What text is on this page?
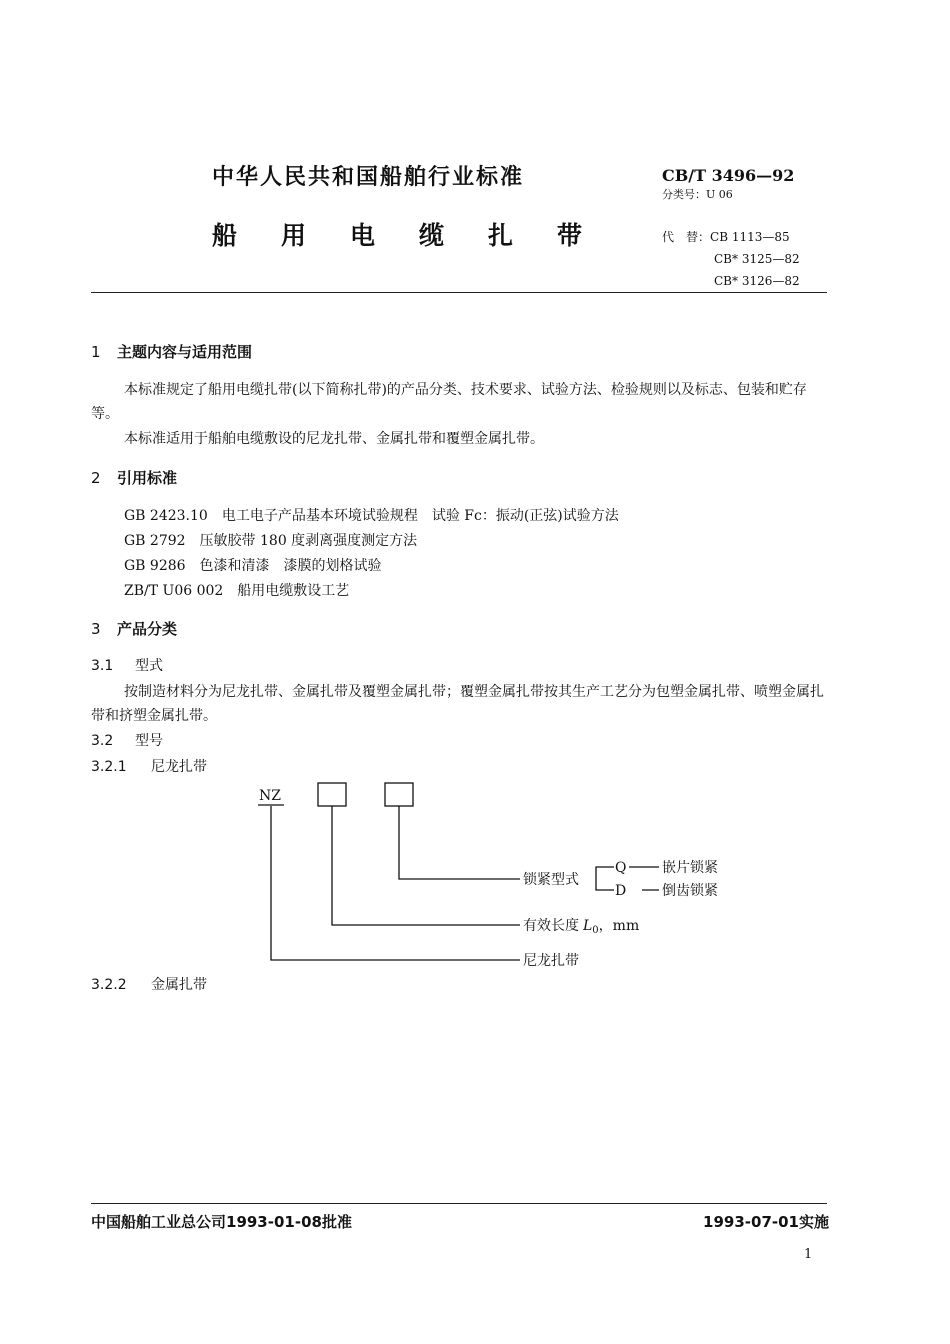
中华人民共和国船舶行业标准
船用电缆扎带
CB/T 3496—92
分类号：U 06
代　替：CB 1113—85
CB* 3125—82
CB* 3126—82
1 主题内容与适用范围
本标准规定了船用电缆扎带(以下简称扎带)的产品分类、技术要求、试验方法、检验规则以及标志、包装和贮存等。
本标准适用于船舶电缆敷设的尼龙扎带、金属扎带和覆塑金属扎带。
2 引用标准
GB 2423.10　电工电子产品基本环境试验规程　试验 Fc：振动(正弦)试验方法
GB 2792　压敏胶带 180 度剥离强度测定方法
GB 9286　色漆和清漆　漆膜的划格试验
ZB/T U06 002　船用电缆敷设工艺
3 产品分类
3.1 型式
按制造材料分为尼龙扎带、金属扎带及覆塑金属扎带；覆塑金属扎带按其生产工艺分为包塑金属扎带、喷塑金属扎带和挤塑金属扎带。
3.2 型号
3.2.1 尼龙扎带
NZ
锁紧型式
Q	嵌片锁紧
D	倒齿锁紧
有效长度 $L_0$，mm
尼龙扎带
3.2.2 金属扎带
中国船舶工业总公司1993-01-08批准	1993-07-01实施
1
